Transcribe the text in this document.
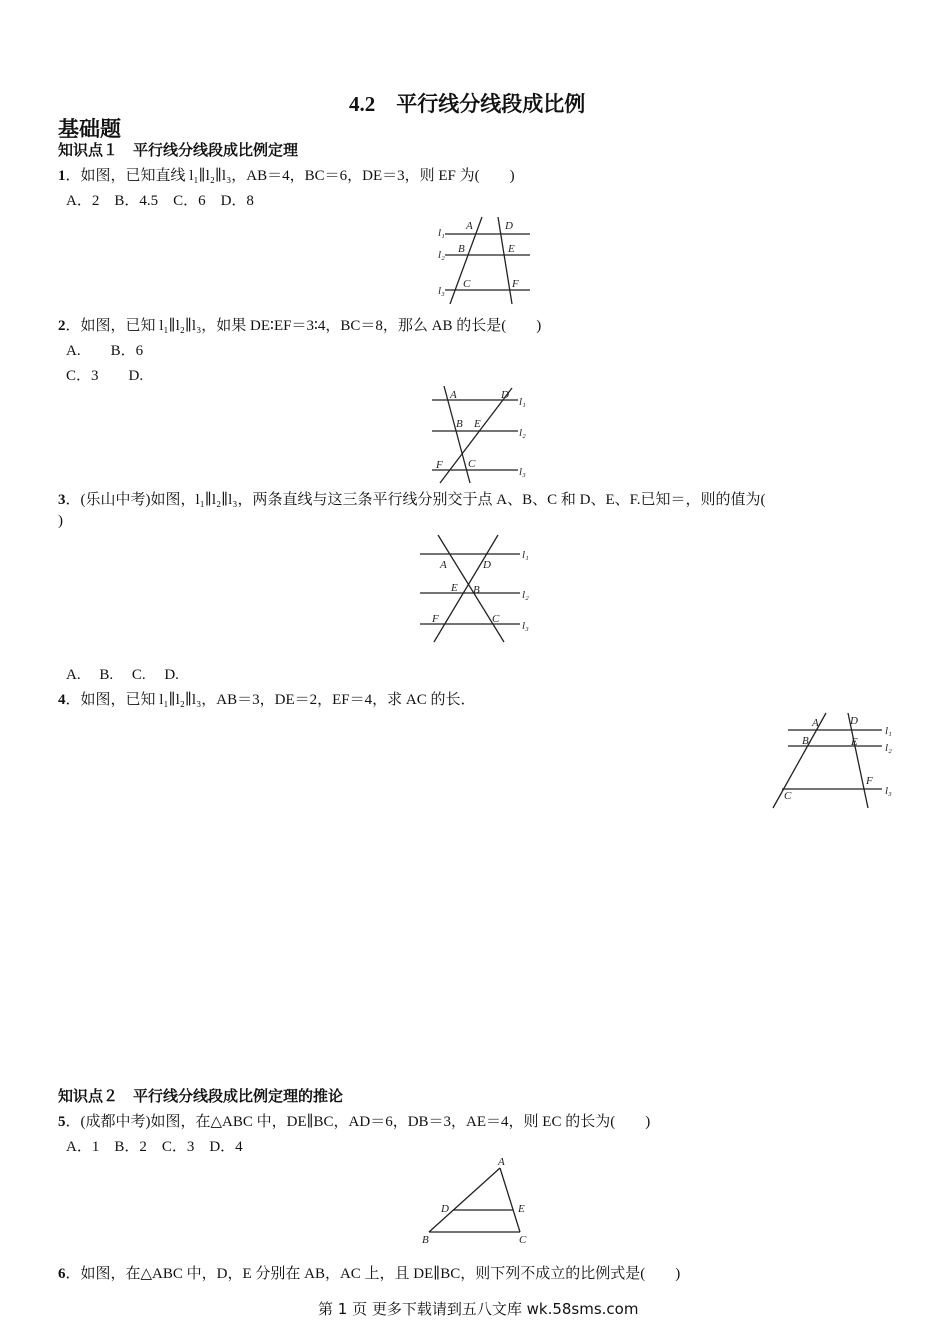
4.2　平行线分线段成比例
基础题
知识点１　平行线分线段成比例定理
1．如图，已知直线 l₁∥l₂∥l₃，AB＝4，BC＝6，DE＝3，则 EF 为(　　)
A．2　B．4.5　C．6　D．8
l₁
l₂
l₃
A
B
C
D
E
F
2．如图，已知 l₁∥l₂∥l₃，如果 DE∶EF＝3∶4，BC＝8，那么 AB 的长是(　　)
A.　　B．6
C．3　　D.
A
B
C
D
E
F
l₁
l₂
l₃
3．(乐山中考)如图，l₁∥l₂∥l₃，两条直线与这三条平行线分别交于点 A、B、C 和 D、E、F.已知＝，则的值为(
)
A
B
C
D
E
F
l₁
l₂
l₃
A.　 B.　 C.　 D.
4．如图，已知 l₁∥l₂∥l₃，AB＝3，DE＝2，EF＝4，求 AC 的长．
A
B
C
D
E
F
l₁
l₂
l₃
知识点２　平行线分线段成比例定理的推论
5．(成都中考)如图，在△ABC 中，DE∥BC，AD＝6，DB＝3，AE＝4，则 EC 的长为(　　)
A．1　B．2　C．3　D．4
A
B	C
D	E
6．如图，在△ABC 中，D，E 分别在 AB，AC 上，且 DE∥BC，则下列不成立的比例式是(　　)
第 1 页 更多下载请到五八文库 wk.58sms.com
